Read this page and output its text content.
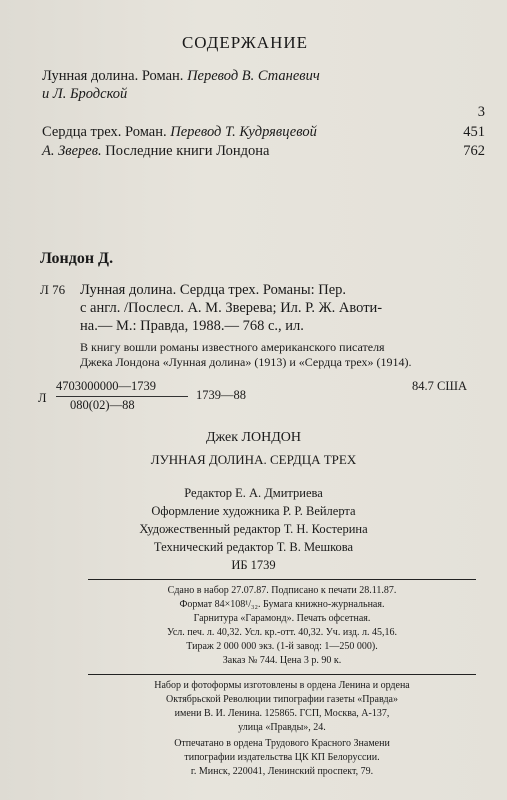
СОДЕРЖАНИЕ
Лунная долина. Роман. Перевод В. Станевич
и Л. Бродской
3
Сердца трех. Роман. Перевод Т. Кудрявцевой	451
А. Зверев. Последние книги Лондона	762
Лондон Д.
Л 76 Лунная долина. Сердца трех. Романы: Пер.
с англ. /Послесл. А. М. Зверева; Ил. Р. Ж. Авоти-
на.— М.: Правда, 1988.— 768 с., ил.
В книгу вошли романы известного американского писателя
Джека Лондона «Лунная долина» (1913) и «Сердца трех» (1914).
Л
4703000000—1739
080(02)—88
1739—88
84.7 США
Джек ЛОНДОН
ЛУННАЯ ДОЛИНА. СЕРДЦА ТРЕХ
Редактор Е. А. Дмитриева
Оформление художника Р. Р. Вейлерта
Художественный редактор Т. Н. Костерина
Технический редактор Т. В. Мешкова
ИБ 1739
Сдано в набор 27.07.87. Подписано к печати 28.11.87.
Формат 84×108¹/₃₂. Бумага книжно-журнальная.
Гарнитура «Гарамонд». Печать офсетная.
Усл. печ. л. 40,32. Усл. кр.-отт. 40,32. Уч. изд. л. 45,16.
Тираж 2 000 000 экз. (1-й завод: 1—250 000).
Заказ № 744. Цена 3 р. 90 к.
Набор и фотоформы изготовлены в ордена Ленина и ордена
Октябрьской Революции типографии газеты «Правда»
имени В. И. Ленина. 125865. ГСП, Москва, А-137,
улица «Правды», 24.
Отпечатано в ордена Трудового Красного Знамени
типографии издательства ЦК КП Белоруссии.
г. Минск, 220041, Ленинский проспект, 79.
